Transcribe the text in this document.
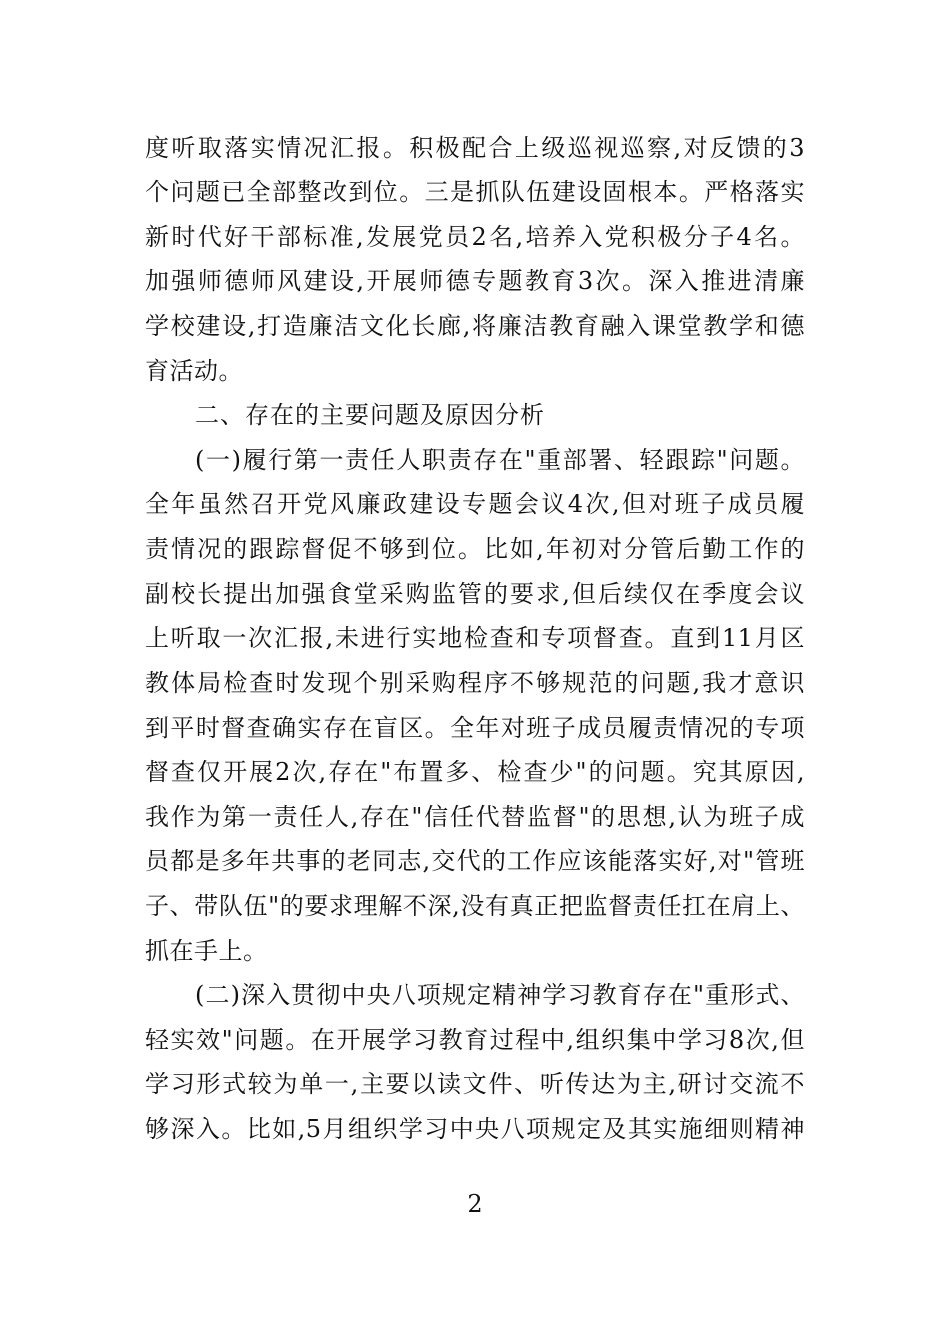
度听取落实情况汇报。积极配合上级巡视巡察,对反馈的3
个问题已全部整改到位。三是抓队伍建设固根本。严格落实
新时代好干部标准,发展党员2名,培养入党积极分子4名。
加强师德师风建设,开展师德专题教育3次。深入推进清廉
学校建设,打造廉洁文化长廊,将廉洁教育融入课堂教学和德
育活动。
二、存在的主要问题及原因分析
(一)履行第一责任人职责存在"重部署、轻跟踪"问题。
全年虽然召开党风廉政建设专题会议4次,但对班子成员履
责情况的跟踪督促不够到位。比如,年初对分管后勤工作的
副校长提出加强食堂采购监管的要求,但后续仅在季度会议
上听取一次汇报,未进行实地检查和专项督查。直到11月区
教体局检查时发现个别采购程序不够规范的问题,我才意识
到平时督查确实存在盲区。全年对班子成员履责情况的专项
督查仅开展2次,存在"布置多、检查少"的问题。究其原因,
我作为第一责任人,存在"信任代替监督"的思想,认为班子成
员都是多年共事的老同志,交代的工作应该能落实好,对"管班
子、带队伍"的要求理解不深,没有真正把监督责任扛在肩上、
抓在手上。
(二)深入贯彻中央八项规定精神学习教育存在"重形式、
轻实效"问题。在开展学习教育过程中,组织集中学习8次,但
学习形式较为单一,主要以读文件、听传达为主,研讨交流不
够深入。比如,5月组织学习中央八项规定及其实施细则精神
2
